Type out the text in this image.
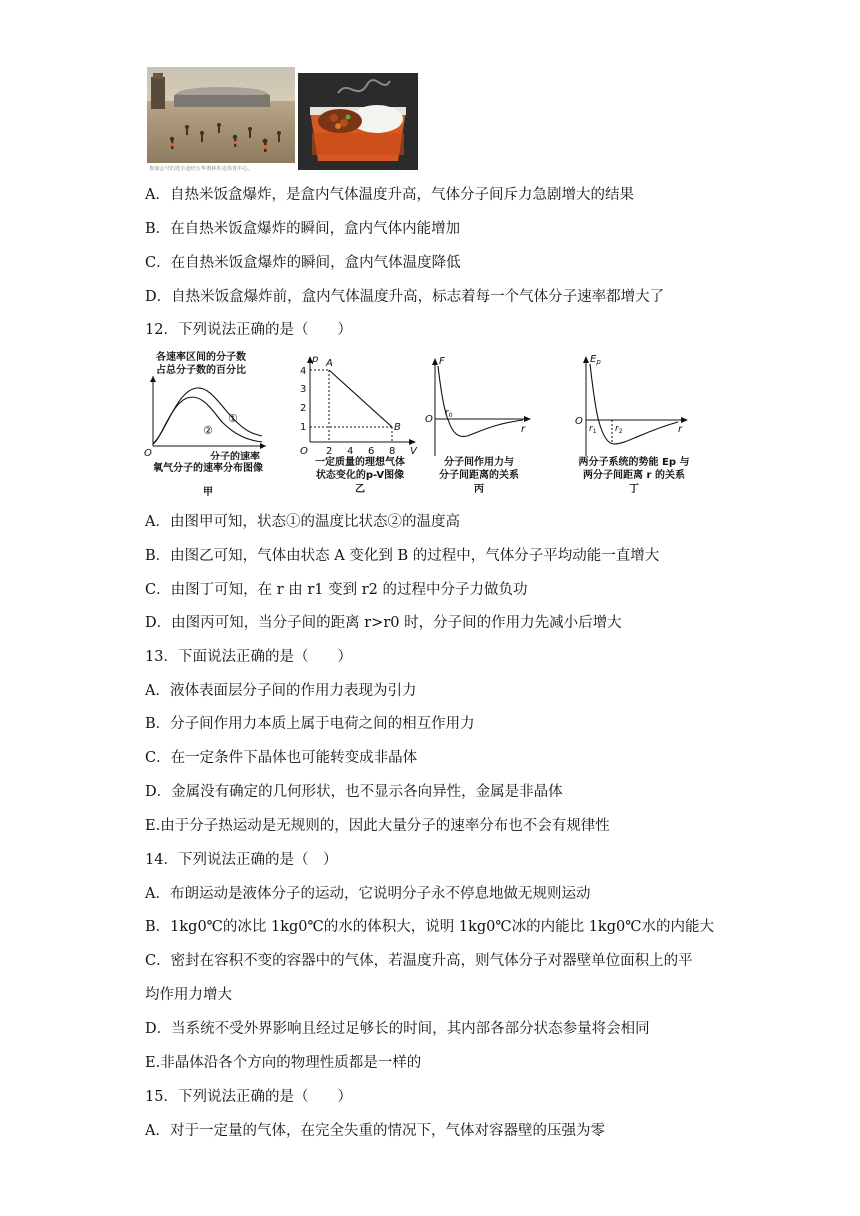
参加会号的选手途经五华奥林匹克体育中心。
A．自热米饭盒爆炸，是盒内气体温度升高，气体分子间斥力急剧增大的结果
B．在自热米饭盒爆炸的瞬间，盒内气体内能增加
C．在自热米饭盒爆炸的瞬间，盒内气体温度降低
D．自热米饭盒爆炸前，盒内气体温度升高，标志着每一个气体分子速率都增大了
12．下列说法正确的是（　　）
各速率区间的分子数
占总分子数的百分比
①
②
O	分子的速率
氧气分子的速率分布图像
甲
p
V
O
4
3
2
1
2 4 6 8
A
B
一定质量的理想气体
状态变化的p-V图像
乙
F
r
O
$r_0$
分子间作用力与
分子间距离的关系
丙
$E_p$
r
O
$r_1$ $r_2$
两分子系统的势能 Ep 与
两分子间距离 r 的关系
丁
A．由图甲可知，状态①的温度比状态②的温度高
B．由图乙可知，气体由状态 A 变化到 B 的过程中，气体分子平均动能一直增大
C．由图丁可知，在 r 由 r1 变到 r2 的过程中分子力做负功
D．由图丙可知，当分子间的距离 r>r0 时，分子间的作用力先减小后增大
13．下面说法正确的是（　　）
A．液体表面层分子间的作用力表现为引力
B．分子间作用力本质上属于电荷之间的相互作用力
C．在一定条件下晶体也可能转变成非晶体
D．金属没有确定的几何形状，也不显示各向异性，金属是非晶体
E.由于分子热运动是无规则的，因此大量分子的速率分布也不会有规律性
14．下列说法正确的是（　）
A．布朗运动是液体分子的运动，它说明分子永不停息地做无规则运动
B．1kg0℃的冰比 1kg0℃的水的体积大，说明 1kg0℃冰的内能比 1kg0℃水的内能大
C．密封在容积不变的容器中的气体，若温度升高，则气体分子对器壁单位面积上的平
均作用力增大
D．当系统不受外界影响且经过足够长的时间，其内部各部分状态参量将会相同
E.非晶体沿各个方向的物理性质都是一样的
15．下列说法正确的是（　　）
A．对于一定量的气体，在完全失重的情况下，气体对容器壁的压强为零
